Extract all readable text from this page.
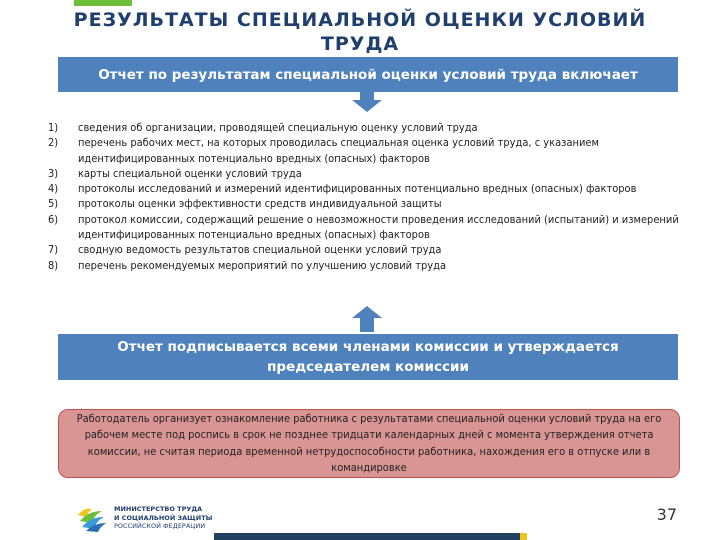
РЕЗУЛЬТАТЫ СПЕЦИАЛЬНОЙ ОЦЕНКИ УСЛОВИЙ ТРУДА
Отчет по результатам специальной оценки условий труда включает
1) сведения об организации, проводящей специальную оценку условий труда
2) перечень рабочих мест, на которых проводилась специальная оценка условий труда, с указанием идентифицированных потенциально вредных (опасных) факторов
3) карты специальной оценки условий труда
4) протоколы исследований и измерений идентифицированных потенциально вредных (опасных) факторов
5) протоколы оценки эффективности средств индивидуальной защиты
6) протокол комиссии, содержащий решение о невозможности проведения исследований (испытаний) и измерений идентифицированных потенциально вредных (опасных) факторов
7) сводную ведомость результатов специальной оценки условий труда
8) перечень рекомендуемых мероприятий по улучшению условий труда
Отчет подписывается всеми членами комиссии и утверждается председателем комиссии
Работодатель организует ознакомление работника с результатами специальной оценки условий труда на его рабочем месте под роспись в срок не позднее тридцати календарных дней с момента утверждения отчета комиссии, не считая периода временной нетрудоспособности работника, нахождения его в отпуске или в командировке
МИНИСТЕРСТВО ТРУДА
И СОЦИАЛЬНОЙ ЗАЩИТЫ
РОССИЙСКОЙ ФЕДЕРАЦИИ
37
